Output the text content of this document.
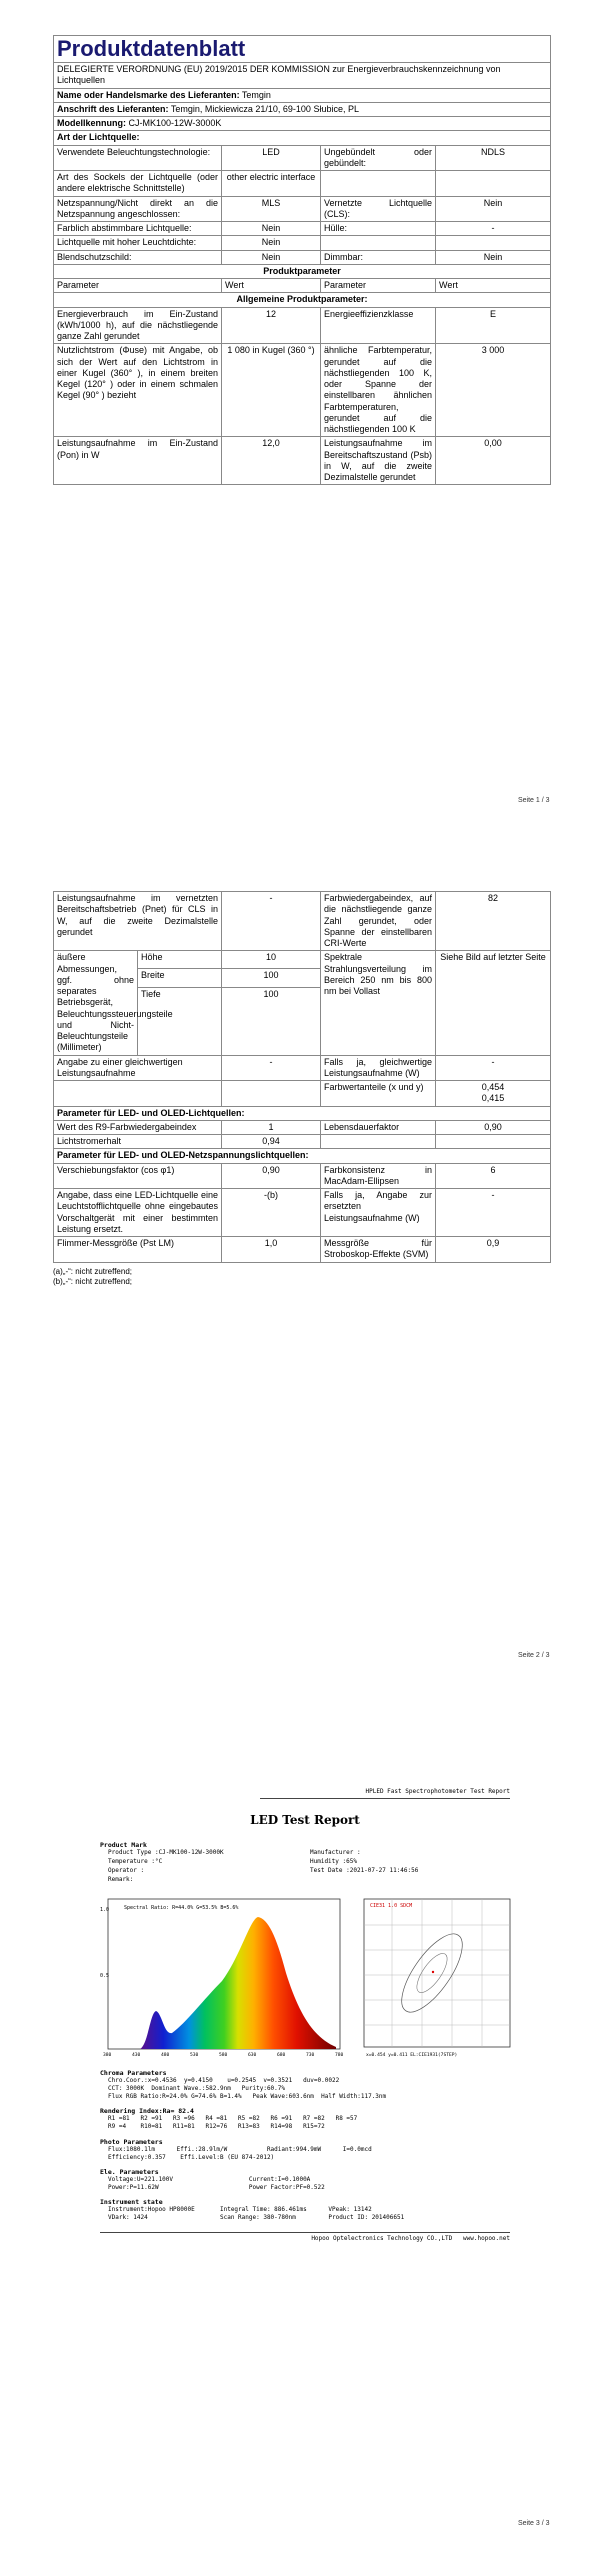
Produktdatenblatt			
DELEGIERTE VERORDNUNG (EU) 2019/2015 DER KOMMISSION zur Energieverbrauchskennzeichnung von Lichtquellen			
Name oder Handelsmarke des Lieferanten: Temgin			
Anschrift des Lieferanten: Temgin, Mickiewicza 21/10, 69-100 Słubice, PL			
Modellkennung: CJ-MK100-12W-3000K			
Art der Lichtquelle:			
Verwendete Beleuchtungstechnologie:	LED	Ungebündelt oder gebündelt:	NDLS
Art des Sockels der Lichtquelle (oder andere elektrische Schnittstelle)	other electric interface		
Netzspannung/Nicht direkt an die Netzspannung angeschlossen:	MLS	Vernetzte Lichtquelle (CLS):	Nein
Farblich abstimmbare Lichtquelle:	Nein	Hülle:	-
Lichtquelle mit hoher Leuchtdichte:	Nein		
Blendschutzschild:	Nein	Dimmbar:	Nein
Produktparameter			
Parameter	Wert	Parameter	Wert
Allgemeine Produktparameter:			
Energieverbrauch im Ein-Zustand (kWh/1000 h), auf die nächstliegende ganze Zahl gerundet	12	Energieeffizienzklasse	E
Nutzlichtstrom (Φuse) mit Angabe, ob sich der Wert auf den Lichtstrom in einer Kugel (360° ), in einem breiten Kegel (120° ) oder in einem schmalen Kegel (90° ) bezieht	1 080 in Kugel (360 °)	ähnliche Farbtemperatur, gerundet auf die nächstliegenden 100 K, oder Spanne der einstellbaren ähnlichen Farbtemperaturen, gerundet auf die nächstliegenden 100 K	3 000
Leistungsaufnahme im Ein-Zustand (Pon) in W	12,0	Leistungsaufnahme im Bereitschaftszustand (Psb) in W, auf die zweite Dezimalstelle gerundet	0,00
Seite 1 / 3
Leistungsaufnahme im vernetzten Bereitschaftsbetrieb (Pnet) für CLS in W, auf die zweite Dezimalstelle gerundet		-	Farbwiedergabeindex, auf die nächstliegende ganze Zahl gerundet, oder Spanne der einstellbaren CRI-Werte	82
äußere Abmessungen, ggf. ohne separates Betriebsgerät, Beleuchtungssteuerungsteile und Nicht-Beleuchtungsteile (Millimeter)	Höhe	10	Spektrale Strahlungsverteilung im Bereich 250 nm bis 800 nm bei Vollast	Siehe Bild auf letzter Seite
	Breite	100		
	Tiefe	100		
Angabe zu einer gleichwertigen Leistungsaufnahme		-	Falls ja, gleichwertige Leistungsaufnahme (W)	-
			Farbwertanteile (x und y)	0,454
0,415

Parameter für LED- und OLED-Lichtquellen:				
Wert des R9-Farbwiedergabeindex		1	Lebensdauerfaktor	0,90
Lichtstromerhalt		0,94		
Parameter für LED- und OLED-Netzspannungslichtquellen:				
Verschiebungsfaktor (cos φ1)		0,90	Farbkonsistenz in MacAdam-Ellipsen	6
Angabe, dass eine LED-Lichtquelle eine Leuchtstofflichtquelle ohne eingebautes Vorschaltgerät mit einer bestimmten Leistung ersetzt.		-(b)	Falls ja, Angabe zur ersetzten Leistungsaufnahme (W)	-
Flimmer-Messgröße (Pst LM)		1,0	Messgröße für Stroboskop-Effekte (SVM)	0,9
(a)„-“: nicht zutreffend;
(b)„-“: nicht zutreffend;
Seite 2 / 3
HPLED Fast Spectrophotometer Test Report
LED Test Report
Product Mark
Product Type :CJ-MK100-12W-3000K
Temperature :°C
Operator :
Remark:
Manufacturer :
Humidity :65%
Test Date :2021-07-27 11:46:56
Spectral Ratio: R=44.0% G=53.5% B=5.6%
1.0
0.5
380	430	480	530	580	630	680	730	780
CIE31 1.0 SDCM
x=0.454 y=0.411 EL:CIE1931(7STEP)
Chroma Parameters
Chro.Coor.:x=0.4536  y=0.4150    u=0.2545  v=0.3521   duv=0.0022
CCT: 3000K  Dominant Wave.:582.9nm   Purity:60.7%
Flux RGB Ratio:R=24.0% G=74.6% B=1.4%   Peak Wave:603.6nm  Half Width:117.3nm
Rendering Index:Ra= 82.4
R1 =81   R2 =91   R3 =96   R4 =81   R5 =82   R6 =91   R7 =82   R8 =57
R9 =4    R10=81   R11=81   R12=76   R13=83   R14=98   R15=72
Photo Parameters
Flux:1080.1lm      Effi.:28.9lm/W           Radiant:994.9mW      I=0.0mcd
Efficiency:0.357    Effi.Level:B (EU 874-2012)
Ele. Parameters
Voltage:U=221.100V                     Current:I=0.1000A
Power:P=11.62W                         Power Factor:PF=0.522
Instrument state
Instrument:Hopoo HP8000E       Integral Time: 886.461ms      VPeak: 13142
VDark: 1424                    Scan Range: 380-780nm         Product ID: 201406651
Hopoo Optelectronics Technology CO.,LTD   www.hopoo.net
Seite 3 / 3
